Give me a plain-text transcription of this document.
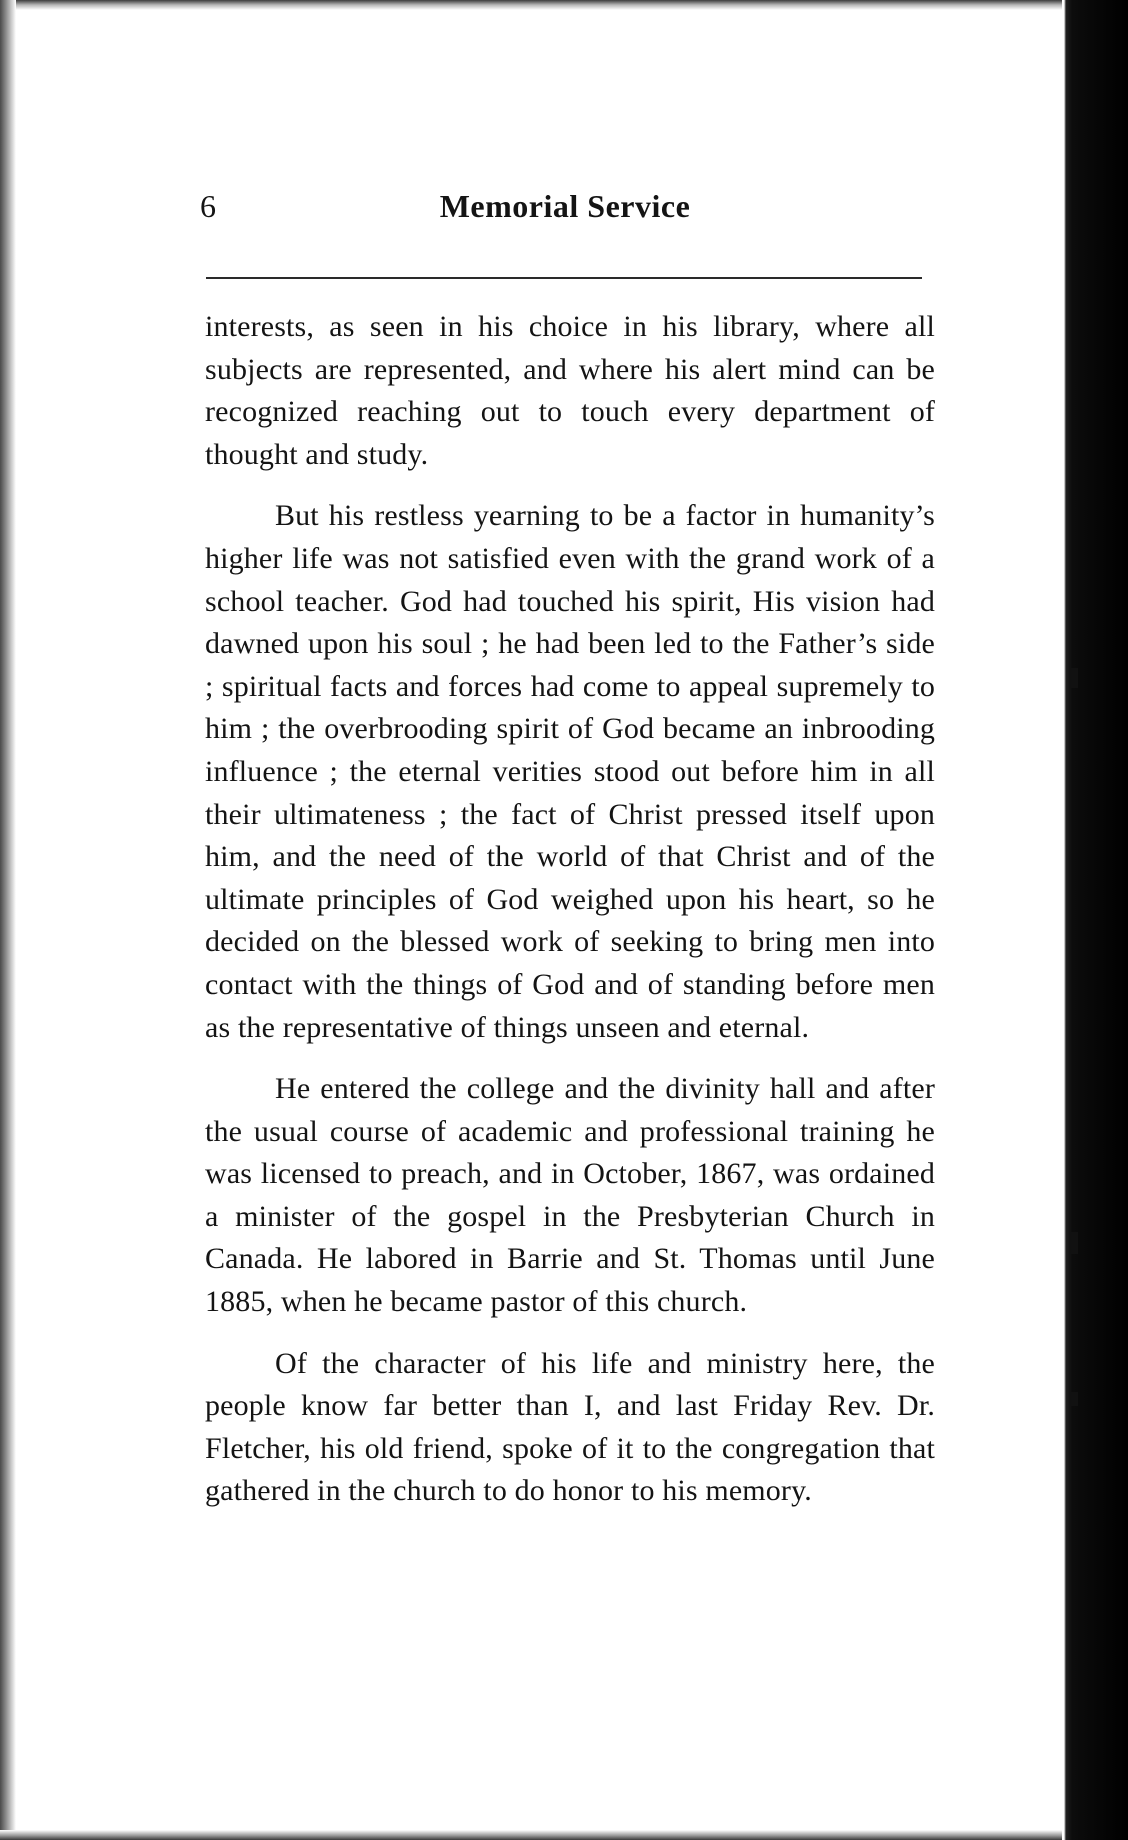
6	Memorial Service

interests, as seen in his choice in his library, where all subjects are represented, and where his alert mind can be recognized reaching out to touch every department of thought and study.

But his restless yearning to be a factor in humanity’s higher life was not satisfied even with the grand work of a school teacher. God had touched his spirit, His vision had dawned upon his soul ; he had been led to the Father’s side ; spiritual facts and forces had come to appeal supremely to him ; the overbrooding spirit of God became an inbrooding influence ; the eternal verities stood out before him in all their ultimateness ; the fact of Christ pressed itself upon him, and the need of the world of that Christ and of the ultimate principles of God weighed upon his heart, so he decided on the blessed work of seeking to bring men into contact with the things of God and of standing before men as the representative of things unseen and eternal.

He entered the college and the divinity hall and after the usual course of academic and professional training he was licensed to preach, and in October, 1867, was ordained a minister of the gospel in the Presbyterian Church in Canada. He labored in Barrie and St. Thomas until June 1885, when he became pastor of this church.

Of the character of his life and ministry here, the people know far better than I, and last Friday Rev. Dr. Fletcher, his old friend, spoke of it to the congregation that gathered in the church to do honor to his memory.
